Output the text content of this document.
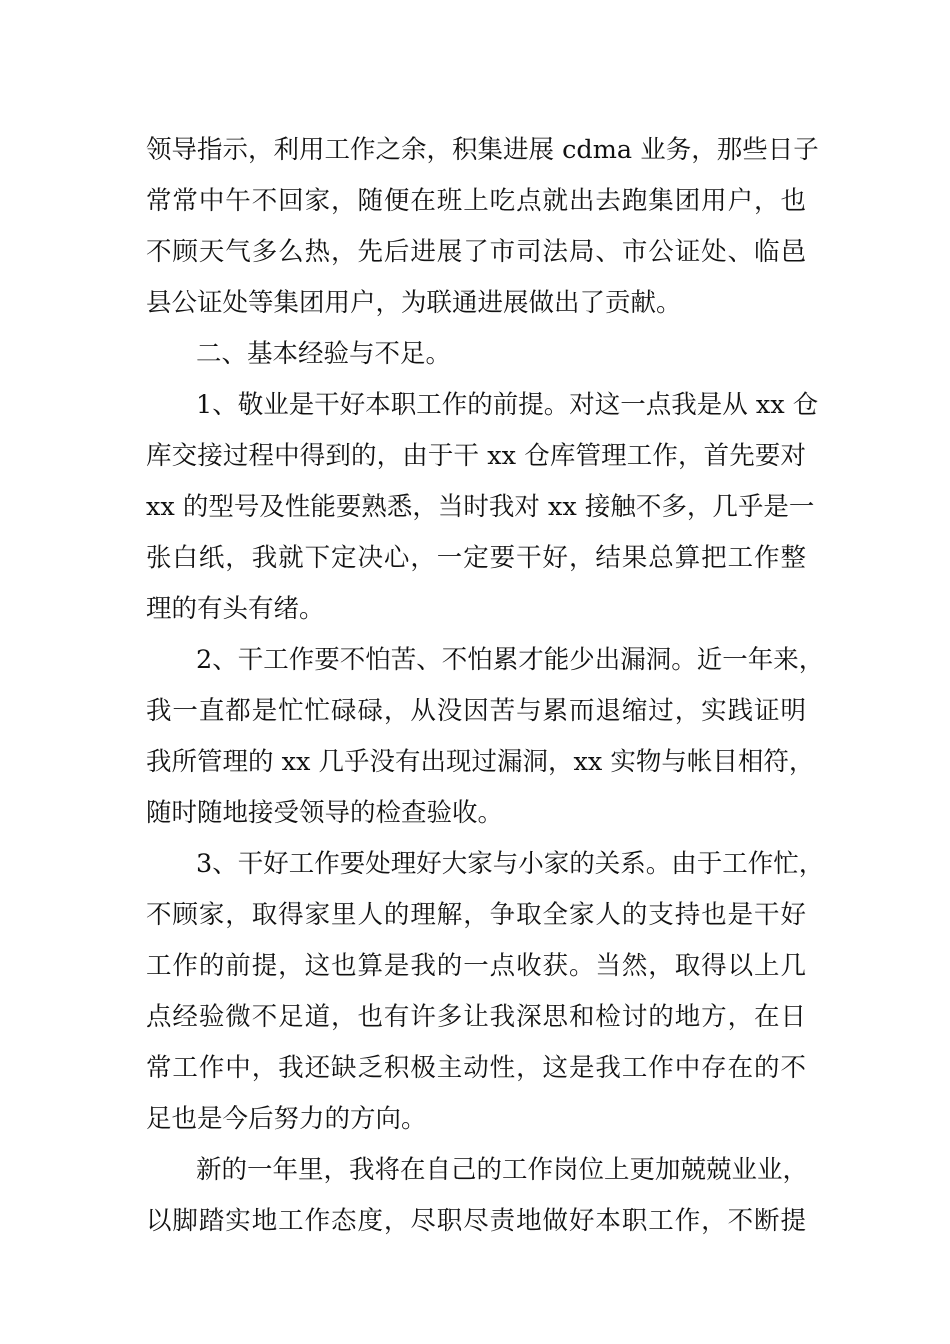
领导指示，利用工作之余，积集进展 cdma 业务，那些日子
常常中午不回家，随便在班上吃点就出去跑集团用户，也
不顾天气多么热，先后进展了市司法局、市公证处、临邑
县公证处等集团用户，为联通进展做出了贡献。
二、基本经验与不足。
1、敬业是干好本职工作的前提。对这一点我是从 xx 仓
库交接过程中得到的，由于干 xx 仓库管理工作，首先要对
xx 的型号及性能要熟悉，当时我对 xx 接触不多，几乎是一
张白纸，我就下定决心，一定要干好，结果总算把工作整
理的有头有绪。
2、干工作要不怕苦、不怕累才能少出漏洞。近一年来，
我一直都是忙忙碌碌，从没因苦与累而退缩过，实践证明
我所管理的 xx 几乎没有出现过漏洞，xx 实物与帐目相符，
随时随地接受领导的检查验收。
3、干好工作要处理好大家与小家的关系。由于工作忙，
不顾家，取得家里人的理解，争取全家人的支持也是干好
工作的前提，这也算是我的一点收获。当然，取得以上几
点经验微不足道，也有许多让我深思和检讨的地方，在日
常工作中，我还缺乏积极主动性，这是我工作中存在的不
足也是今后努力的方向。
新的一年里，我将在自己的工作岗位上更加兢兢业业，
以脚踏实地工作态度，尽职尽责地做好本职工作，不断提
